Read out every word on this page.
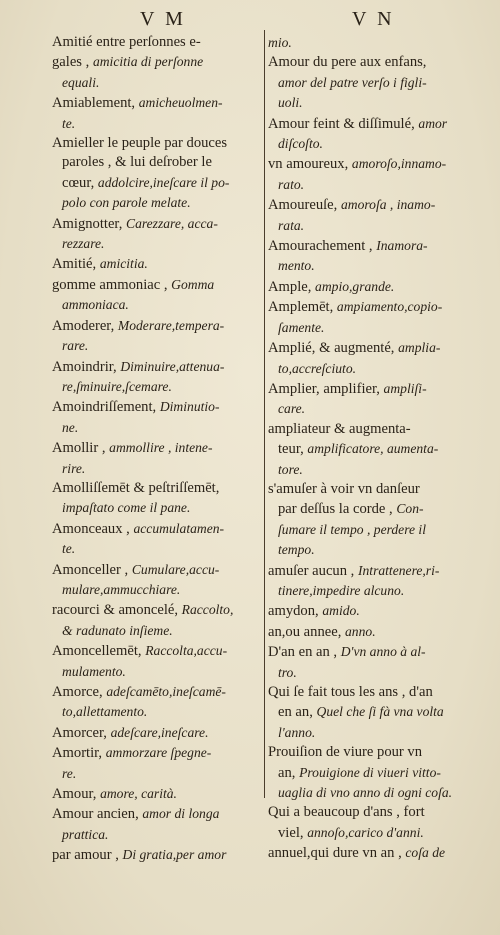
V M	V N
Amitié entre perſonnes e-
gales , amicitia di perſonne
equali.
Amiablement, amicheuolmen-
te.
Amieller le peuple par douces
paroles , & lui deſrober le
cœur, addolcire,ineſcare il po-
polo con parole melate.
Amignotter, Carezzare, acca-
rezzare.
Amitié, amicitia.
gomme ammoniac , Gomma
ammoniaca.
Amoderer, Moderare,tempera-
rare.
Amoindrir, Diminuire,attenua-
re,ſminuire,ſcemare.
Amoindriſſement, Diminutio-
ne.
Amollir , ammollire , intene-
rire.
Amolliſſemēt & peſtriſſemēt,
impaſtato come il pane.
Amonceaux , accumulatamen-
te.
Amonceller , Cumulare,accu-
mulare,ammucchiare.
racourci & amoncelé, Raccolto,
& radunato inſieme.
Amoncellemēt, Raccolta,accu-
mulamento.
Amorce, adeſcamēto,ineſcamē-
to,allettamento.
Amorcer, adeſcare,ineſcare.
Amortir, ammorzare ſpegne-
re.
Amour, amore, carità.
Amour ancien, amor di longa
prattica.
par amour , Di gratia,per amor
mio.
Amour du pere aux enfans,
amor del patre verſo i figli-
uoli.
Amour feint & diſſimulé, amor
diſcoſto.
vn amoureux, amoroſo,innamo-
rato.
Amoureuſe, amoroſa , inamo-
rata.
Amourachement , Inamora-
mento.
Ample, ampio,grande.
Amplemēt, ampiamento,copio-
ſamente.
Amplié, & augmenté, amplia-
to,accreſciuto.
Amplier, amplifier, ampliſi-
care.
ampliateur & augmenta-
teur, amplificatore, aumenta-
tore.
s'amuſer à voir vn danſeur
par deſſus la corde , Con-
ſumare il tempo , perdere il
tempo.
amuſer aucun , Intrattenere,ri-
tinere,impedire alcuno.
amydon, amido.
an,ou annee, anno.
D'an en an , D'vn anno à al-
tro.
Qui ſe fait tous les ans , d'an
en an, Quel che ſi fà vna volta
l'anno.
Prouiſion de viure pour vn
an, Prouigione di viueri vitto-
uaglia di vno anno di ogni coſa.
Qui a beaucoup d'ans , fort
viel, annoſo,carico d'anni.
annuel,qui dure vn an , coſa de
